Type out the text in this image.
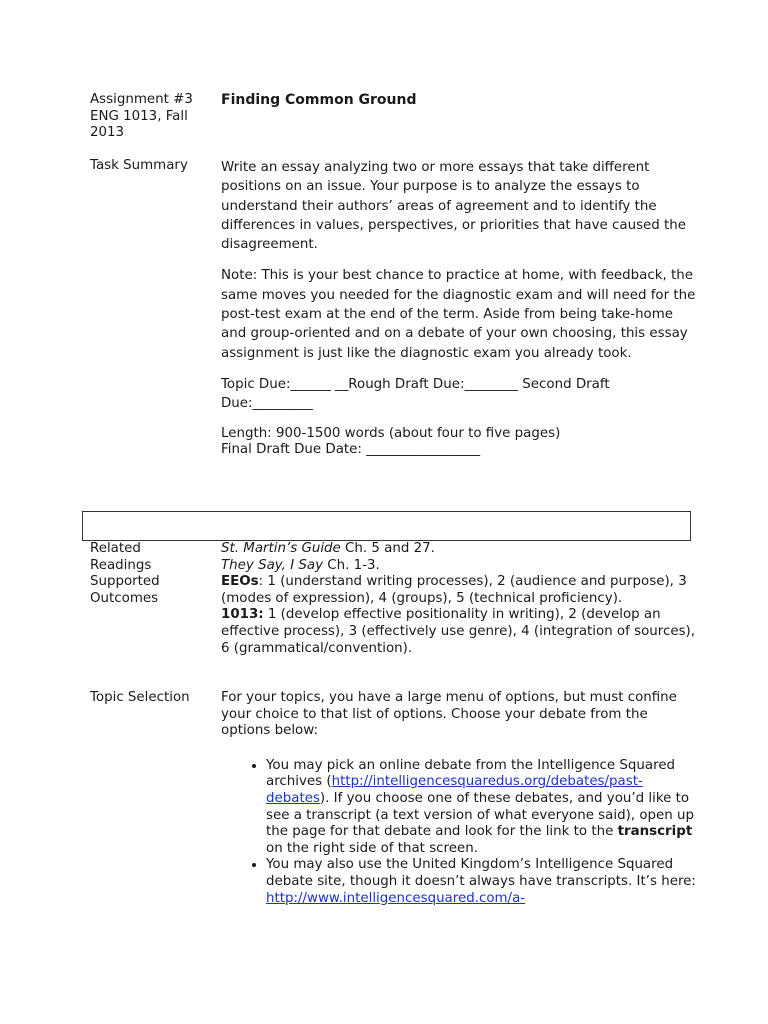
Assignment #3
ENG 1013, Fall
2013
Finding Common Ground
Task Summary	Write an essay analyzing two or more essays that take different positions on an issue. Your purpose is to analyze the essays to understand their authors’ areas of agreement and to identify the differences in values, perspectives, or priorities that have caused the disagreement.

Note: This is your best chance to practice at home, with feedback, the same moves you needed for the diagnostic exam and will need for the post-test exam at the end of the term. Aside from being take-home and group-oriented and on a debate of your own choosing, this essay assignment is just like the diagnostic exam you already took.

Topic Due:______ __Rough Draft Due:________ Second Draft Due:_________

Length: 900-1500 words (about four to five pages)
Final Draft Due Date: _________________
Related
Readings
Supported
Outcomes
St. Martin’s Guide Ch. 5 and 27.
They Say, I Say Ch. 1-3.
EEOs: 1 (understand writing processes), 2 (audience and purpose), 3 (modes of expression), 4 (groups), 5 (technical proficiency).
1013: 1 (develop effective positionality in writing), 2 (develop an effective process), 3 (effectively use genre), 4 (integration of sources), 6 (grammatical/convention).
Topic Selection	For your topics, you have a large menu of options, but must confine your choice to that list of options. Choose your debate from the options below:
• You may pick an online debate from the Intelligence Squared archives (http://intelligencesquaredus.org/debates/past-debates). If you choose one of these debates, and you’d like to see a transcript (a text version of what everyone said), open up the page for that debate and look for the link to the transcript on the right side of that screen.
• You may also use the United Kingdom’s Intelligence Squared debate site, though it doesn’t always have transcripts. It’s here: http://www.intelligencesquared.com/a-
